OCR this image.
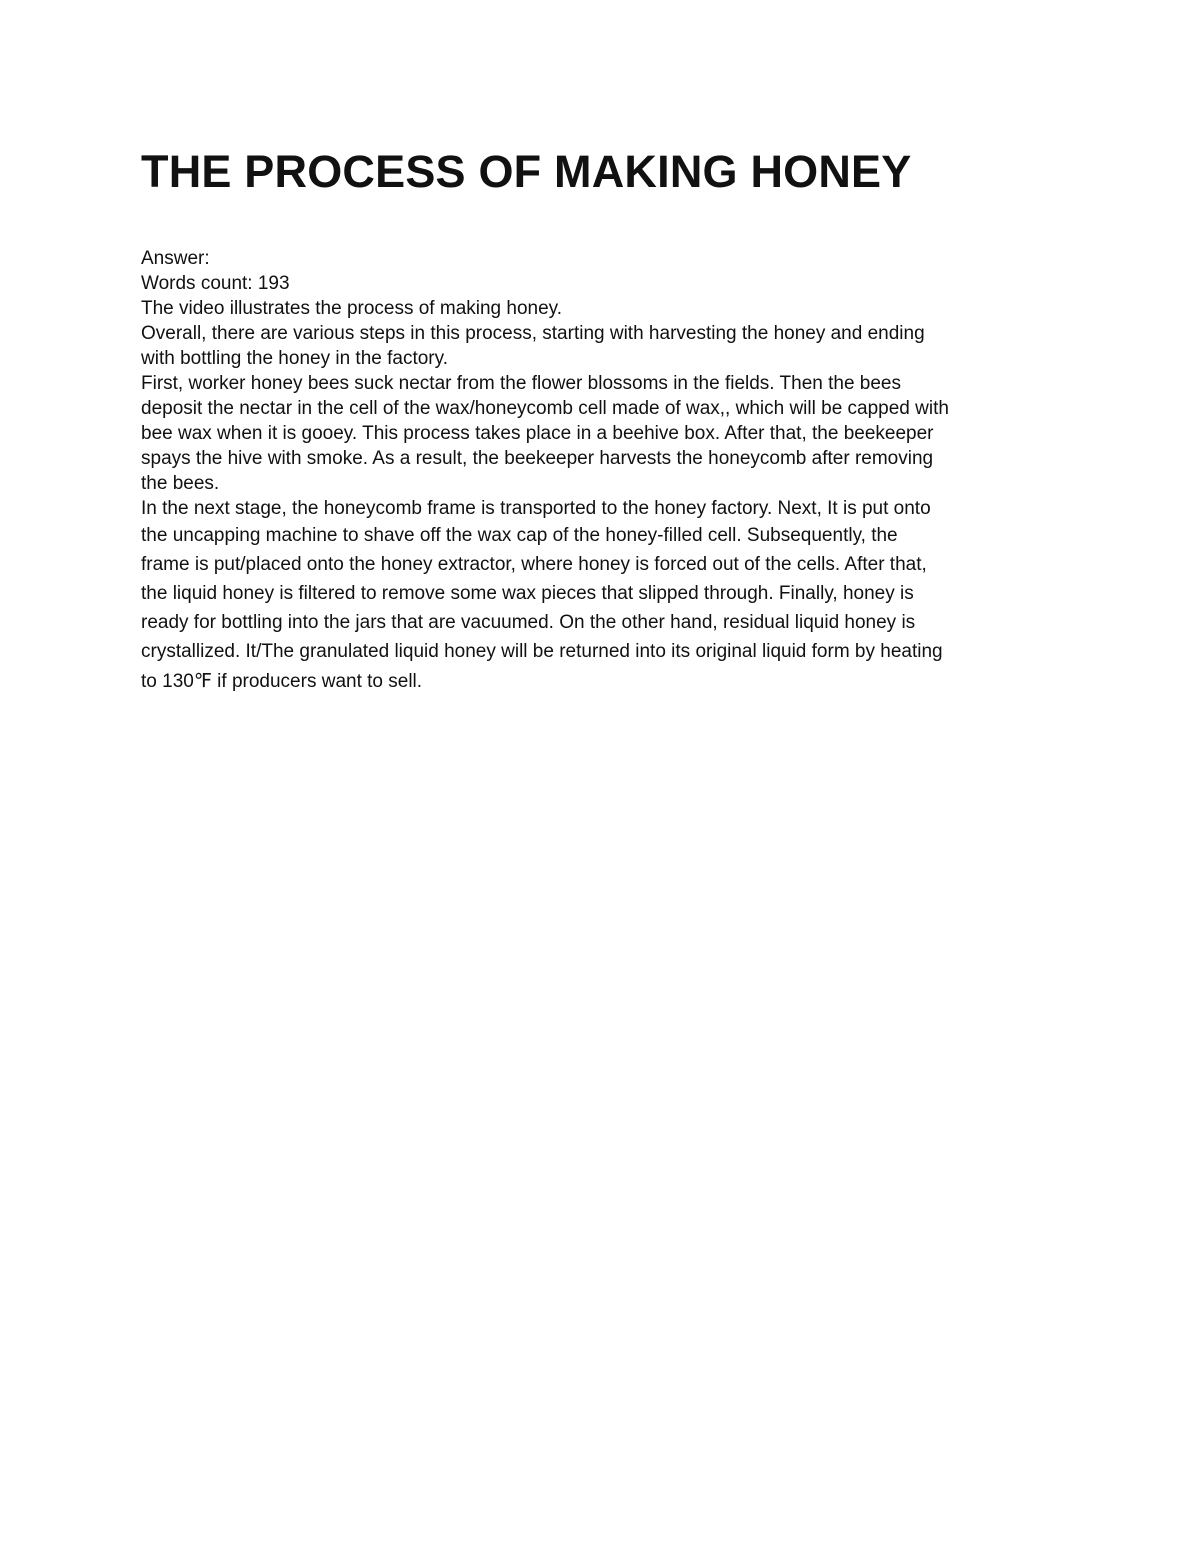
THE PROCESS OF MAKING HONEY
Answer:
Words count: 193
The video illustrates the process of making honey.
Overall, there are various steps in this process, starting with harvesting the honey and ending
with bottling the honey in the factory.
First, worker honey bees suck nectar from the flower blossoms in the fields. Then the bees
deposit the nectar in the cell of the wax/honeycomb cell made of wax,, which will be capped with
bee wax when it is gooey. This process takes place in a beehive box. After that, the beekeeper
spays the hive with smoke. As a result, the beekeeper harvests the honeycomb after removing
the bees.
In the next stage, the honeycomb frame is transported to the honey factory. Next, It is put onto
the uncapping machine to shave off the wax cap of the honey-filled cell. Subsequently, the
frame is put/placed onto the honey extractor, where honey is forced out of the cells. After that,
the liquid honey is filtered to remove some wax pieces that slipped through. Finally, honey is
ready for bottling into the jars that are vacuumed. On the other hand, residual liquid honey is
crystallized. It/The granulated liquid honey will be returned into its original liquid form by heating
to 130℉ if producers want to sell.
